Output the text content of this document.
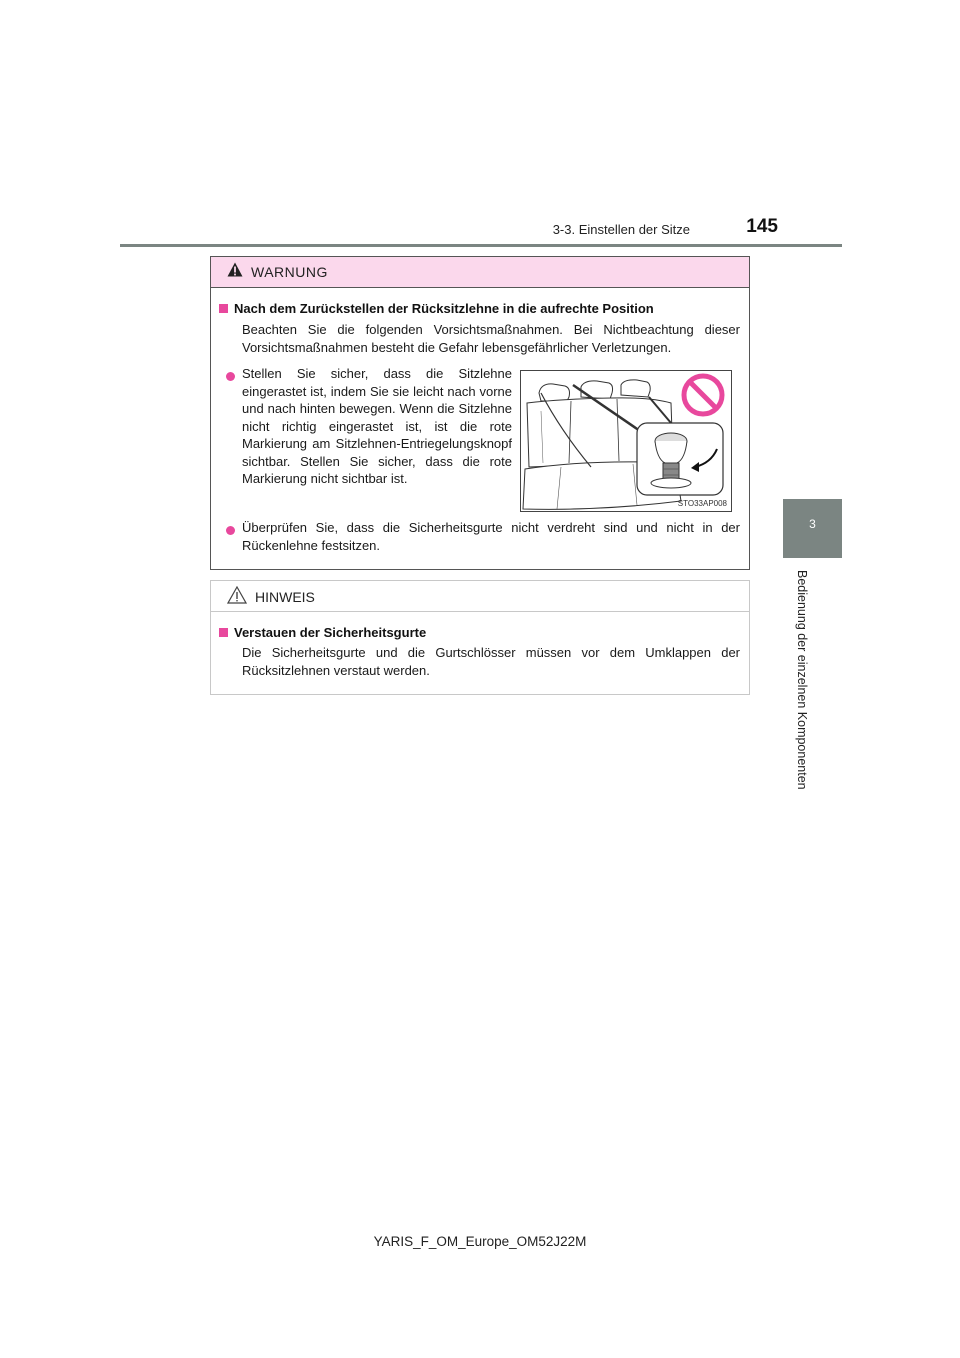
3-3. Einstellen der Sitze	145
3
Bedienung der einzelnen Komponenten
WARNUNG
Nach dem Zurückstellen der Rücksitzlehne in die aufrechte Position
Beachten Sie die folgenden Vorsichtsmaßnahmen. Bei Nichtbeachtung dieser Vorsichtsmaßnahmen besteht die Gefahr lebensgefährlicher Verletzungen.
Stellen Sie sicher, dass die Sitzlehne eingerastet ist, indem Sie sie leicht nach vorne und nach hinten bewegen. Wenn die Sitzlehne nicht richtig eingerastet ist, ist die rote Markierung am Sitzlehnen-Entriegelungsknopf sichtbar. Stellen Sie sicher, dass die rote Markierung nicht sichtbar ist.
STO33AP008
Überprüfen Sie, dass die Sicherheitsgurte nicht verdreht sind und nicht in der Rückenlehne festsitzen.
HINWEIS
Verstauen der Sicherheitsgurte
Die Sicherheitsgurte und die Gurtschlösser müssen vor dem Umklappen der Rücksitzlehnen verstaut werden.
YARIS_F_OM_Europe_OM52J22M
